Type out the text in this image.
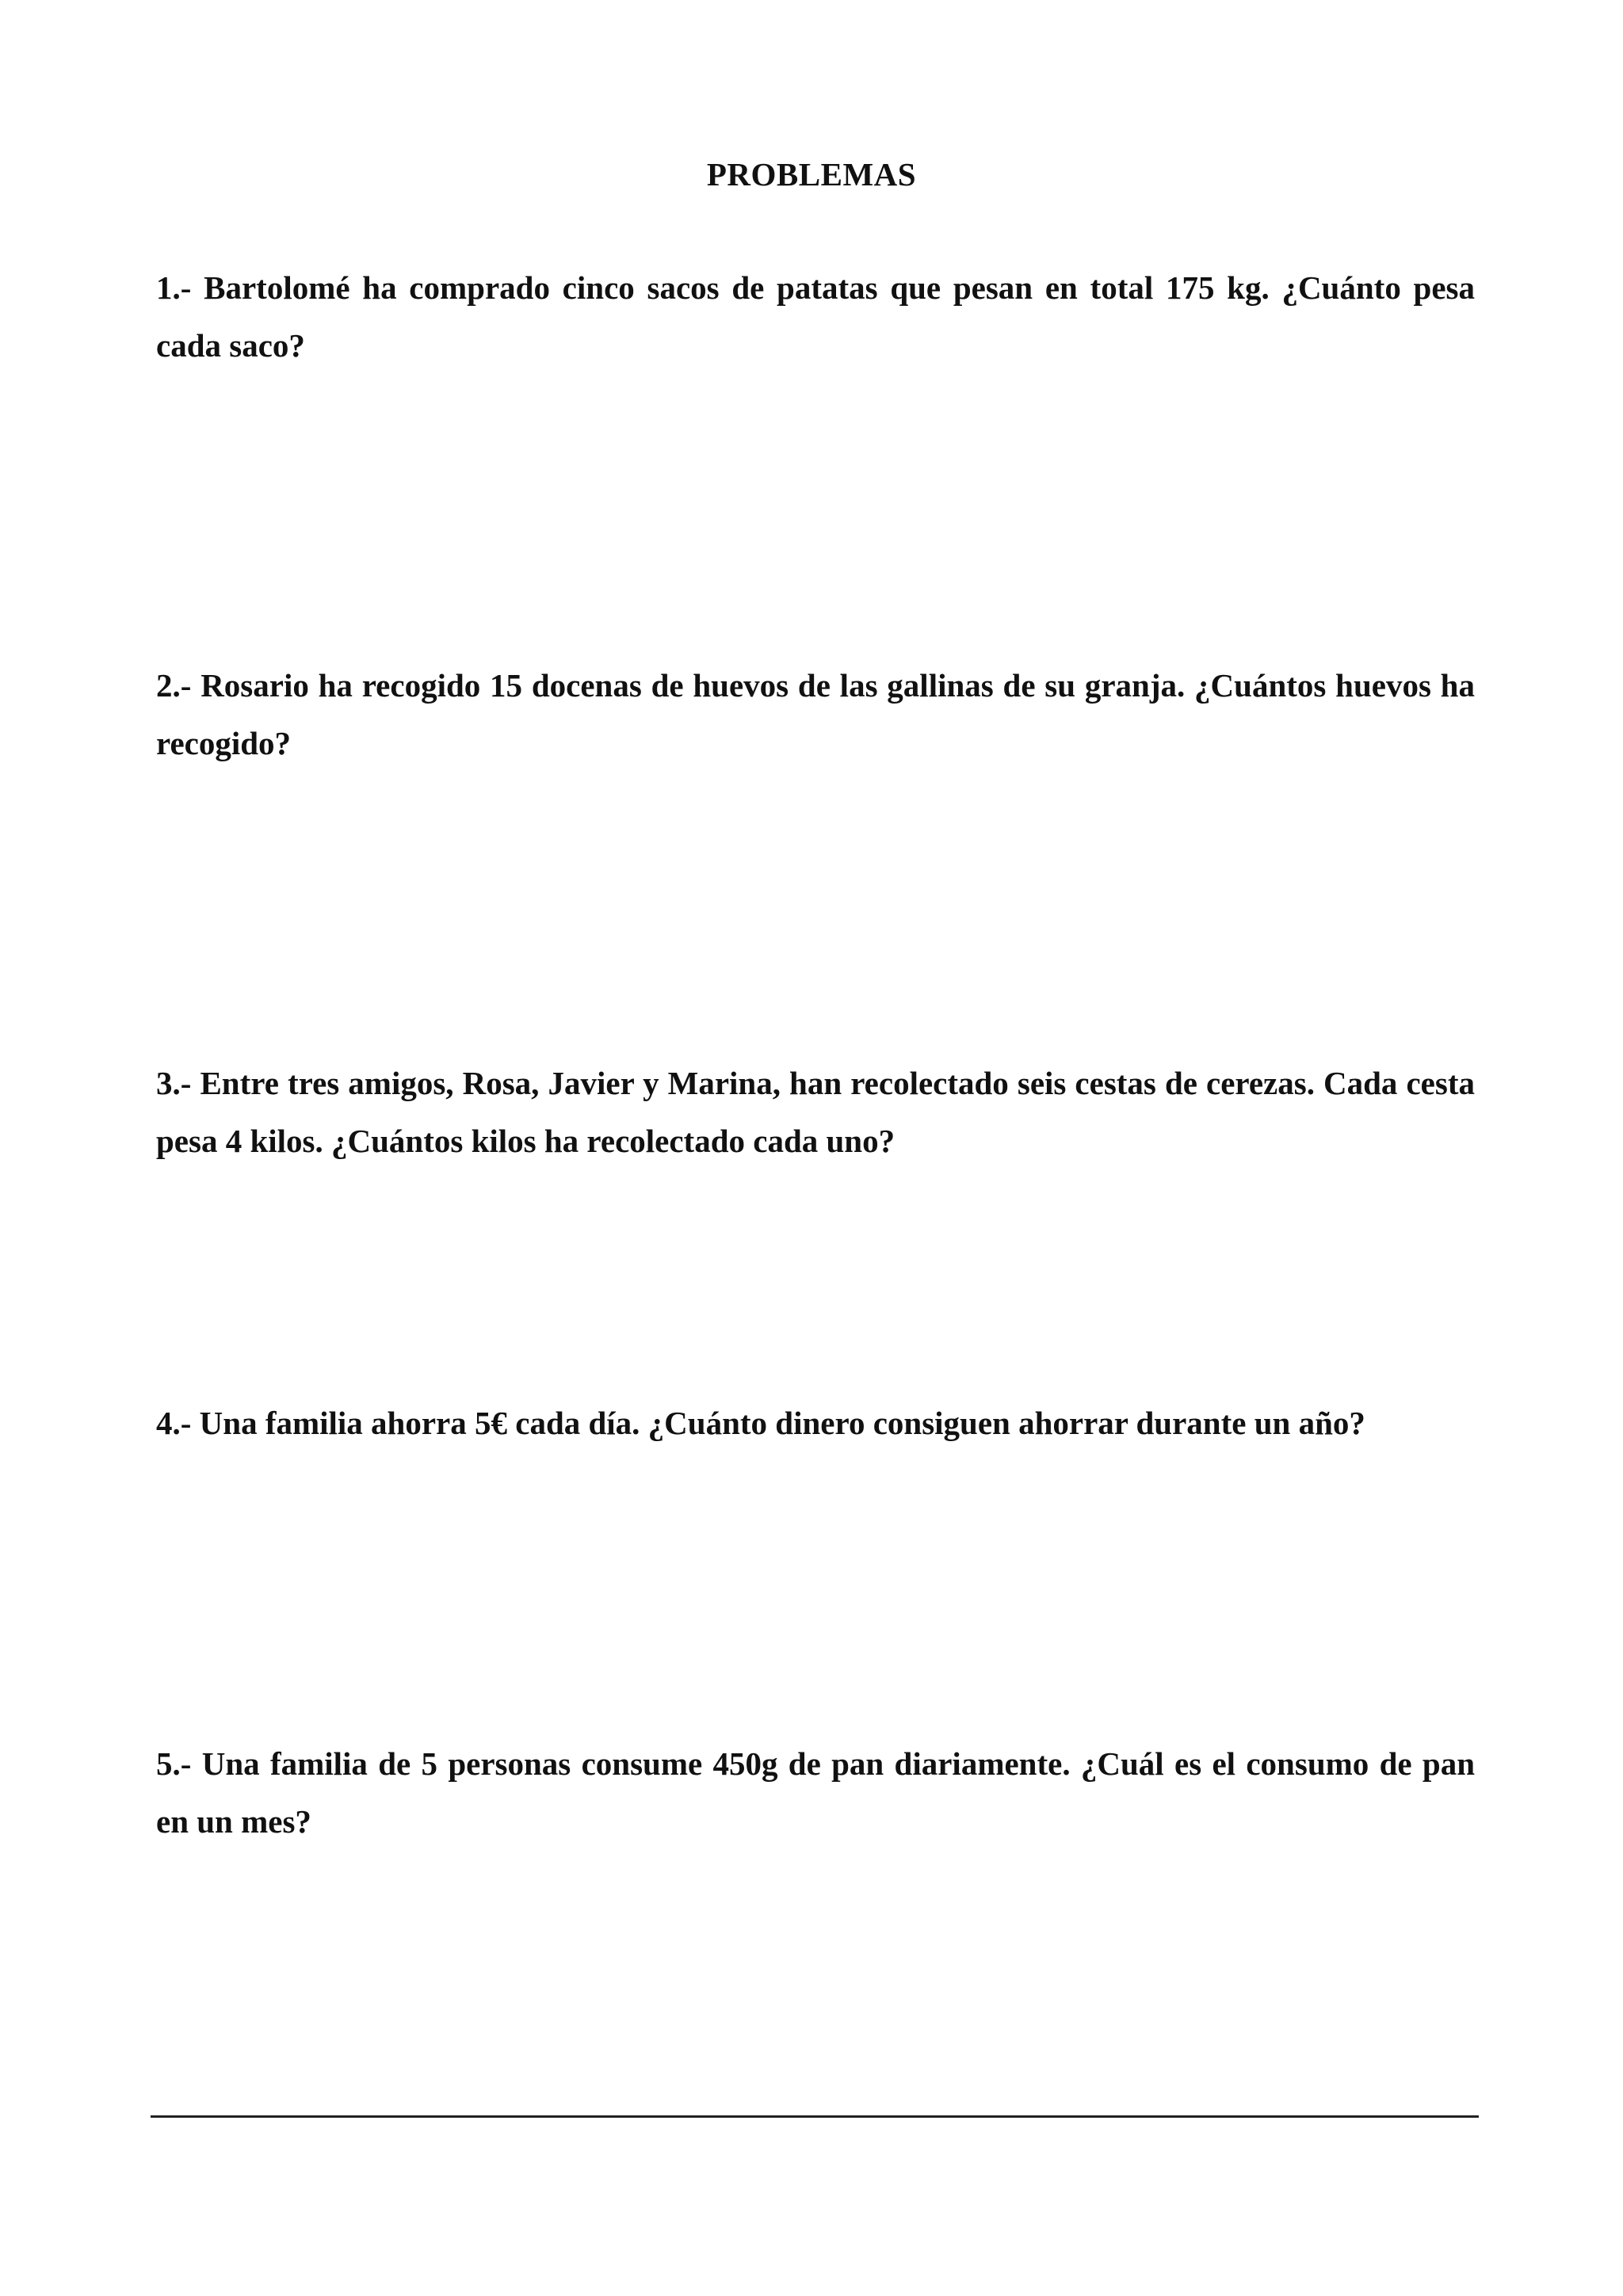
PROBLEMAS

1.- Bartolomé ha comprado cinco sacos de patatas que pesan en total 175 kg. ¿Cuánto pesa cada saco?

2.- Rosario ha recogido 15 docenas de huevos de las gallinas de su granja. ¿Cuántos huevos ha recogido?

3.- Entre tres amigos, Rosa, Javier y Marina, han recolectado seis cestas de cerezas. Cada cesta pesa 4 kilos. ¿Cuántos kilos ha recolectado cada uno?

4.- Una familia ahorra 5€ cada día. ¿Cuánto dinero consiguen ahorrar durante un año?

5.- Una familia de 5 personas consume 450g de pan diariamente. ¿Cuál es el consumo de pan en un mes?
